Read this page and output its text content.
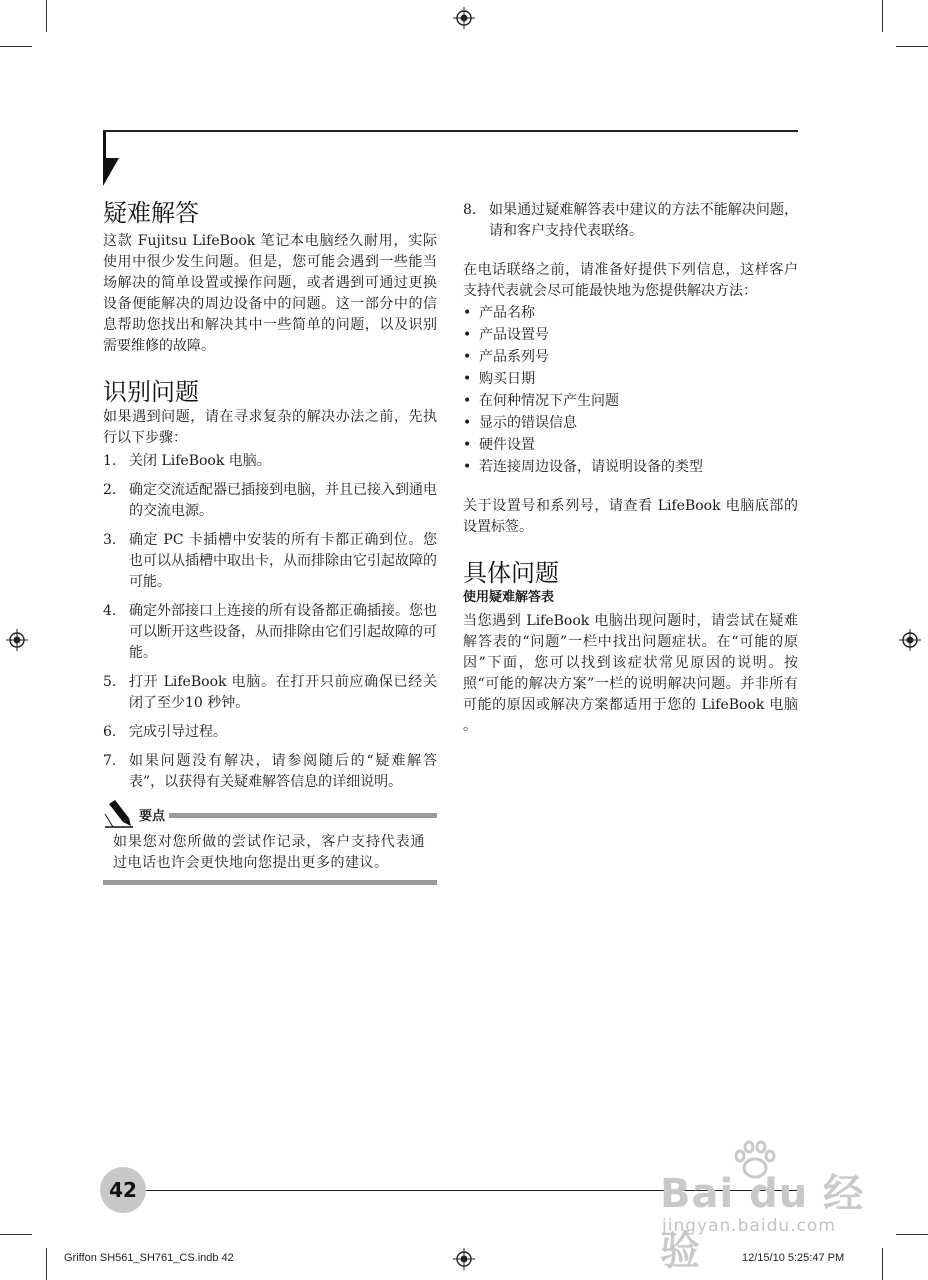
疑难解答

这款 Fujitsu LifeBook 笔记本电脑经久耐用，实际使用中很少发生问题。但是，您可能会遇到一些能当场解决的简单设置或操作问题，或者遇到可通过更换设备便能解决的周边设备中的问题。这一部分中的信息帮助您找出和解决其中一些简单的问题，以及识别需要维修的故障。

识别问题

如果遇到问题，请在寻求复杂的解决办法之前，先执行以下步骤：

1. 关闭 LifeBook 电脑。
2. 确定交流适配器已插接到电脑，并且已接入到通电的交流电源。
3. 确定 PC 卡插槽中安装的所有卡都正确到位。您也可以从插槽中取出卡，从而排除由它引起故障的可能。
4. 确定外部接口上连接的所有设备都正确插接。您也可以断开这些设备，从而排除由它们引起故障的可能。
5. 打开 LifeBook 电脑。在打开只前应确保已经关闭了至少10 秒钟。
6. 完成引导过程。
7. 如果问题没有解决，请参阅随后的“疑难解答表”，以获得有关疑难解答信息的详细说明。
要点
如果您对您所做的尝试作记录，客户支持代表通过电话也许会更快地向您提出更多的建议。
8. 如果通过疑难解答表中建议的方法不能解决问题，请和客户支持代表联络。

在电话联络之前，请准备好提供下列信息，这样客户支持代表就会尽可能最快地为您提供解决方法：

• 产品名称
• 产品设置号
• 产品系列号
• 购买日期
• 在何种情况下产生问题
• 显示的错误信息
• 硬件设置
• 若连接周边设备，请说明设备的类型

关于设置号和系列号，请查看 LifeBook 电脑底部的设置标签。

具体问题

使用疑难解答表

当您遇到 LifeBook 电脑出现问题时，请尝试在疑难解答表的“问题”一栏中找出问题症状。在“可能的原因”下面，您可以找到该症状常见原因的说明。按照“可能的解决方案”一栏的说明解决问题。并非所有可能的原因或解决方案都适用于您的 LifeBook 电脑 。

42
Griffon SH561_SH761_CS.indb 42	12/15/10 5:25:47 PM
Bai du 经验
jingyan.baidu.com
